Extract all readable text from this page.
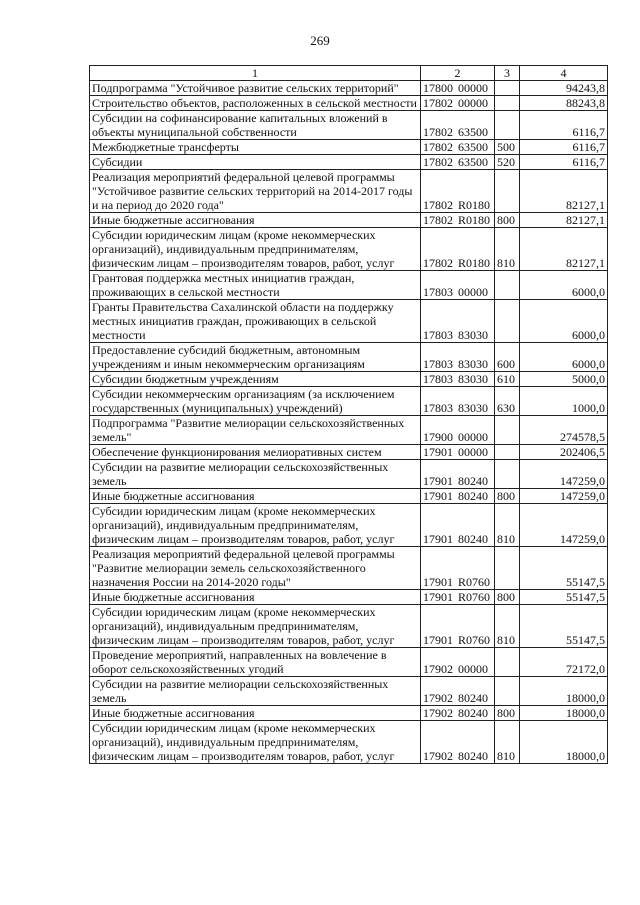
269
1	2	3	4
Подпрограмма "Устойчивое развитие сельских территорий"	17800 00000		94243,8
Строительство объектов, расположенных в сельской местности	17802 00000		88243,8
Субсидии на софинансирование капитальных вложений в объекты муниципальной собственности	17802 63500		6116,7
Межбюджетные трансферты	17802 63500	500	6116,7
Субсидии	17802 63500	520	6116,7
Реализация мероприятий федеральной целевой программы "Устойчивое развитие сельских территорий на 2014-2017 годы и на период до 2020 года"	17802 R0180		82127,1
Иные бюджетные ассигнования	17802 R0180	800	82127,1
Субсидии юридическим лицам (кроме некоммерческих организаций), индивидуальным предпринимателям, физическим лицам – производителям товаров, работ, услуг	17802 R0180	810	82127,1
Грантовая поддержка местных инициатив граждан, проживающих в сельской местности	17803 00000		6000,0
Гранты Правительства Сахалинской области на поддержку местных инициатив граждан, проживающих в сельской местности	17803 83030		6000,0
Предоставление субсидий бюджетным, автономным учреждениям и иным некоммерческим организациям	17803 83030	600	6000,0
Субсидии бюджетным учреждениям	17803 83030	610	5000,0
Субсидии некоммерческим организациям (за исключением государственных (муниципальных) учреждений)	17803 83030	630	1000,0
Подпрограмма "Развитие мелиорации сельскохозяйственных земель"	17900 00000		274578,5
Обеспечение функционирования мелиоративных систем	17901 00000		202406,5
Субсидии на развитие мелиорации сельскохозяйственных земель	17901 80240		147259,0
Иные бюджетные ассигнования	17901 80240	800	147259,0
Субсидии юридическим лицам (кроме некоммерческих организаций), индивидуальным предпринимателям, физическим лицам – производителям товаров, работ, услуг	17901 80240	810	147259,0
Реализация мероприятий федеральной целевой программы "Развитие мелиорации земель сельскохозяйственного назначения России на 2014-2020 годы"	17901 R0760		55147,5
Иные бюджетные ассигнования	17901 R0760	800	55147,5
Субсидии юридическим лицам (кроме некоммерческих организаций), индивидуальным предпринимателям, физическим лицам – производителям товаров, работ, услуг	17901 R0760	810	55147,5
Проведение мероприятий, направленных на вовлечение в оборот сельскохозяйственных угодий	17902 00000		72172,0
Субсидии на развитие мелиорации сельскохозяйственных земель	17902 80240		18000,0
Иные бюджетные ассигнования	17902 80240	800	18000,0
Субсидии юридическим лицам (кроме некоммерческих организаций), индивидуальным предпринимателям, физическим лицам – производителям товаров, работ, услуг	17902 80240	810	18000,0
